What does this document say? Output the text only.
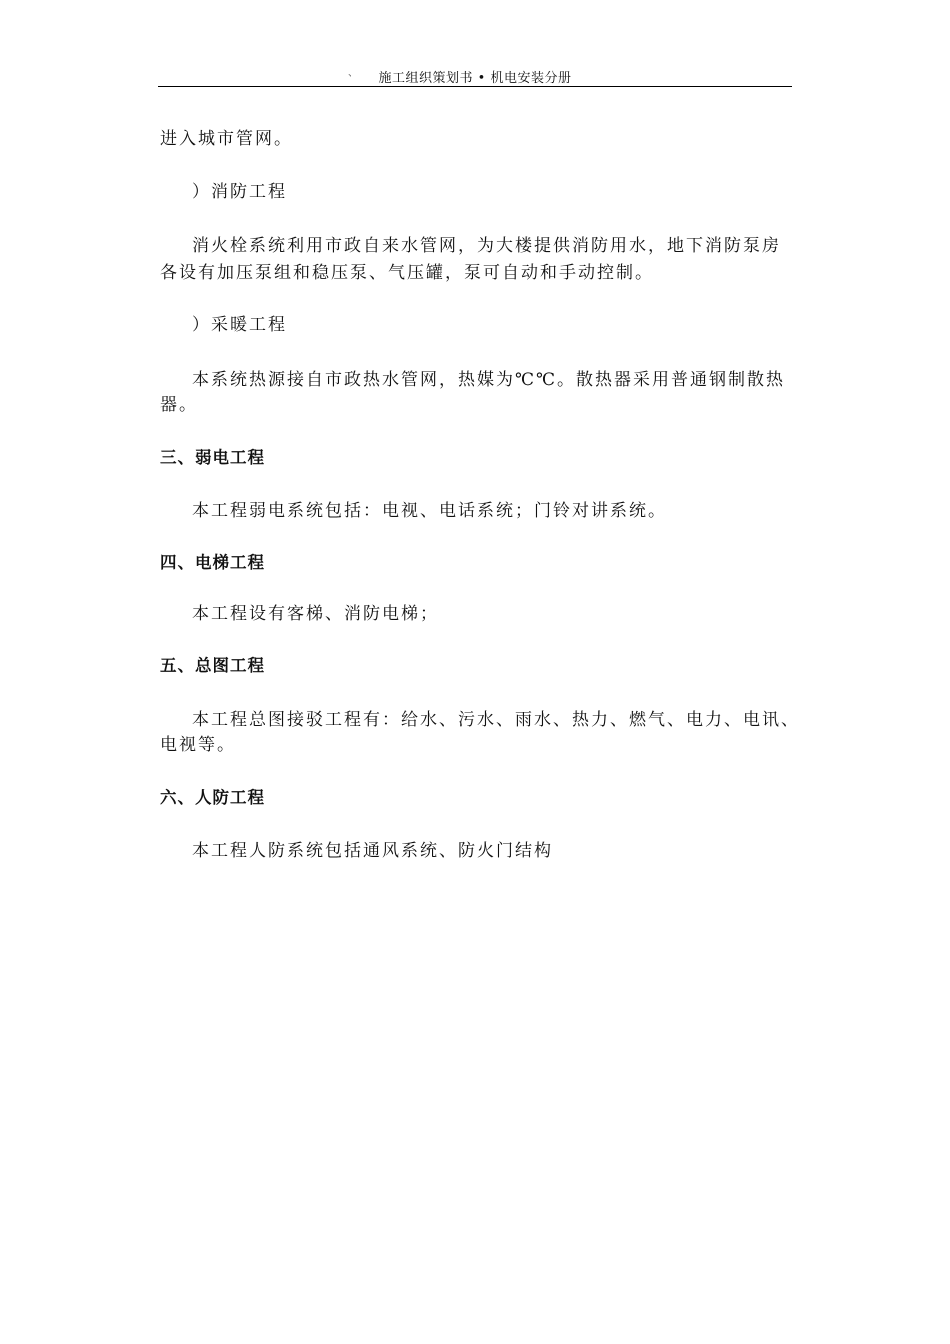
、	施工组织策划书 • 机电安装分册
进入城市管网。
）消防工程
消火栓系统利用市政自来水管网，为大楼提供消防用水，地下消防泵房
各设有加压泵组和稳压泵、气压罐，泵可自动和手动控制。
）采暖工程
本系统热源接自市政热水管网，热媒为℃℃。散热器采用普通钢制散热
器。
三、弱电工程
本工程弱电系统包括：电视、电话系统；门铃对讲系统。
四、电梯工程
本工程设有客梯、消防电梯；
五、总图工程
本工程总图接驳工程有：给水、污水、雨水、热力、燃气、电力、电讯、
电视等。
六、人防工程
本工程人防系统包括通风系统、防火门结构
